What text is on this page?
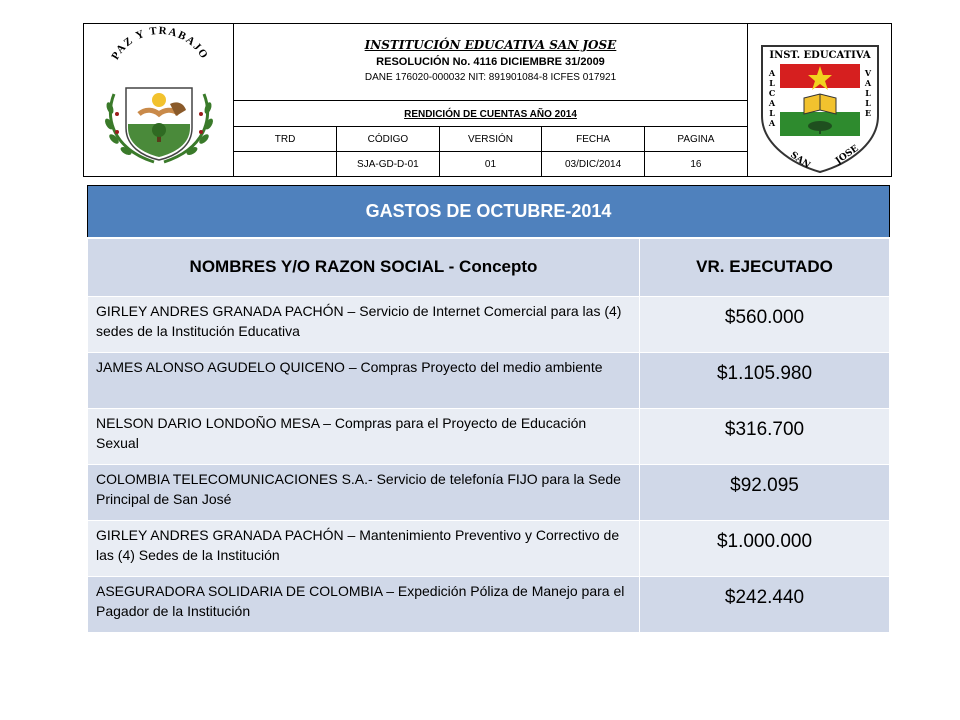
PAZ Y TRABAJO
INSTITUCIÓN EDUCATIVA SAN JOSE
RESOLUCIÓN No. 4116 DICIEMBRE 31/2009
DANE 176020-000032 NIT: 891901084-8 ICFES 017921
RENDICIÓN DE CUENTAS AÑO 2014
TRD	CÓDIGO	VERSIÓN	FECHA	PAGINA
	SJA-GD-D-01	01	03/DIC/2014	16
INST. EDUCATIVA
A
L
C
A
L
A
V
A
L
L
E
SAN JOSE
GASTOS DE OCTUBRE-2014	
NOMBRES Y/O RAZON SOCIAL - Concepto	VR. EJECUTADO
GIRLEY ANDRES GRANADA PACHÓN – Servicio de Internet Comercial para las (4) sedes de la Institución Educativa	$560.000
JAMES ALONSO AGUDELO QUICENO – Compras Proyecto del medio ambiente	$1.105.980
NELSON DARIO LONDOÑO MESA – Compras para el Proyecto de Educación Sexual	$316.700
COLOMBIA TELECOMUNICACIONES S.A.- Servicio de telefonía FIJO para la Sede Principal de San José	$92.095
GIRLEY ANDRES GRANADA PACHÓN – Mantenimiento Preventivo y Correctivo de las (4) Sedes de la Institución	$1.000.000
ASEGURADORA SOLIDARIA DE COLOMBIA – Expedición Póliza de Manejo para el Pagador de la Institución	$242.440
